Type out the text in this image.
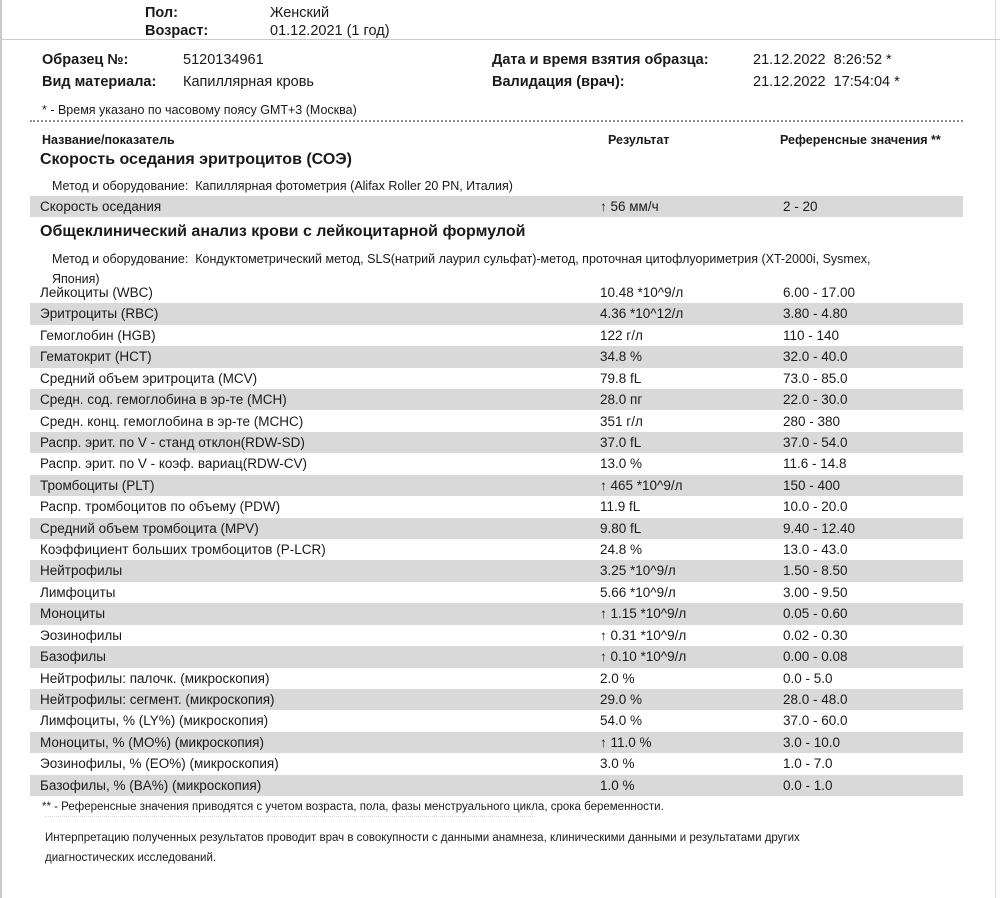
Пол:	Женский
Возраст:	01.12.2021 (1 год)
Образец №:	5120134961
Вид материала: Капиллярная кровь
Дата и время взятия образца:	21.12.2022  8:26:52 *
Валидация (врач):	21.12.2022  17:54:04 *
* - Время указано по часовому поясу GMT+3 (Москва)
Название/показатель	Результат	Референсные значения **
Скорость оседания эритроцитов (СОЭ)
Метод и оборудование:  Капиллярная фотометрия (Alifax Roller 20 PN, Италия)
Общеклинический анализ крови с лейкоцитарной формулой
Метод и оборудование:  Кондуктометрический метод, SLS(натрий лаурил сульфат)-метод, проточная цитофлуориметрия (XT-2000i, Sysmex,
Япония)
** - Референсные значения приводятся с учетом возраста, пола, фазы менструального цикла, срока беременности.
Интерпретацию полученных результатов проводит врач в совокупности с данными анамнеза, клиническими данными и результатами других
диагностических исследований.
Скорость оседания	↑ 56 мм/ч	2 - 20
Лейкоциты (WBC)	10.48 *10^9/л	6.00 - 17.00
Эритроциты (RBC)	4.36 *10^12/л	3.80 - 4.80
Гемоглобин (HGB)	122 г/л	110 - 140
Гематокрит (HCT)	34.8 %	32.0 - 40.0
Средний объем эритроцита (MCV)	79.8 fL	73.0 - 85.0
Средн. сод. гемоглобина в эр-те (MCH)	28.0 пг	22.0 - 30.0
Средн. конц. гемоглобина в эр-те (MCHC)	351 г/л	280 - 380
Распр. эрит. по V - станд отклон(RDW-SD)	37.0 fL	37.0 - 54.0
Распр. эрит. по V - коэф. вариац(RDW-CV)	13.0 %	11.6 - 14.8
Тромбоциты (PLT)	↑ 465 *10^9/л	150 - 400
Распр. тромбоцитов по объему (PDW)	11.9 fL	10.0 - 20.0
Средний объем тромбоцита (MPV)	9.80 fL	9.40 - 12.40
Коэффициент больших тромбоцитов (P-LCR)	24.8 %	13.0 - 43.0
Нейтрофилы	3.25 *10^9/л	1.50 - 8.50
Лимфоциты	5.66 *10^9/л	3.00 - 9.50
Моноциты	↑ 1.15 *10^9/л	0.05 - 0.60
Эозинофилы	↑ 0.31 *10^9/л	0.02 - 0.30
Базофилы	↑ 0.10 *10^9/л	0.00 - 0.08
Нейтрофилы: палочк. (микроскопия)	2.0 %	0.0 - 5.0
Нейтрофилы: сегмент. (микроскопия)	29.0 %	28.0 - 48.0
Лимфоциты, % (LY%) (микроскопия)	54.0 %	37.0 - 60.0
Моноциты, % (MO%) (микроскопия)	↑ 11.0 %	3.0 - 10.0
Эозинофилы, % (EO%) (микроскопия)	3.0 %	1.0 - 7.0
Базофилы, % (BA%) (микроскопия)	1.0 %	0.0 - 1.0
